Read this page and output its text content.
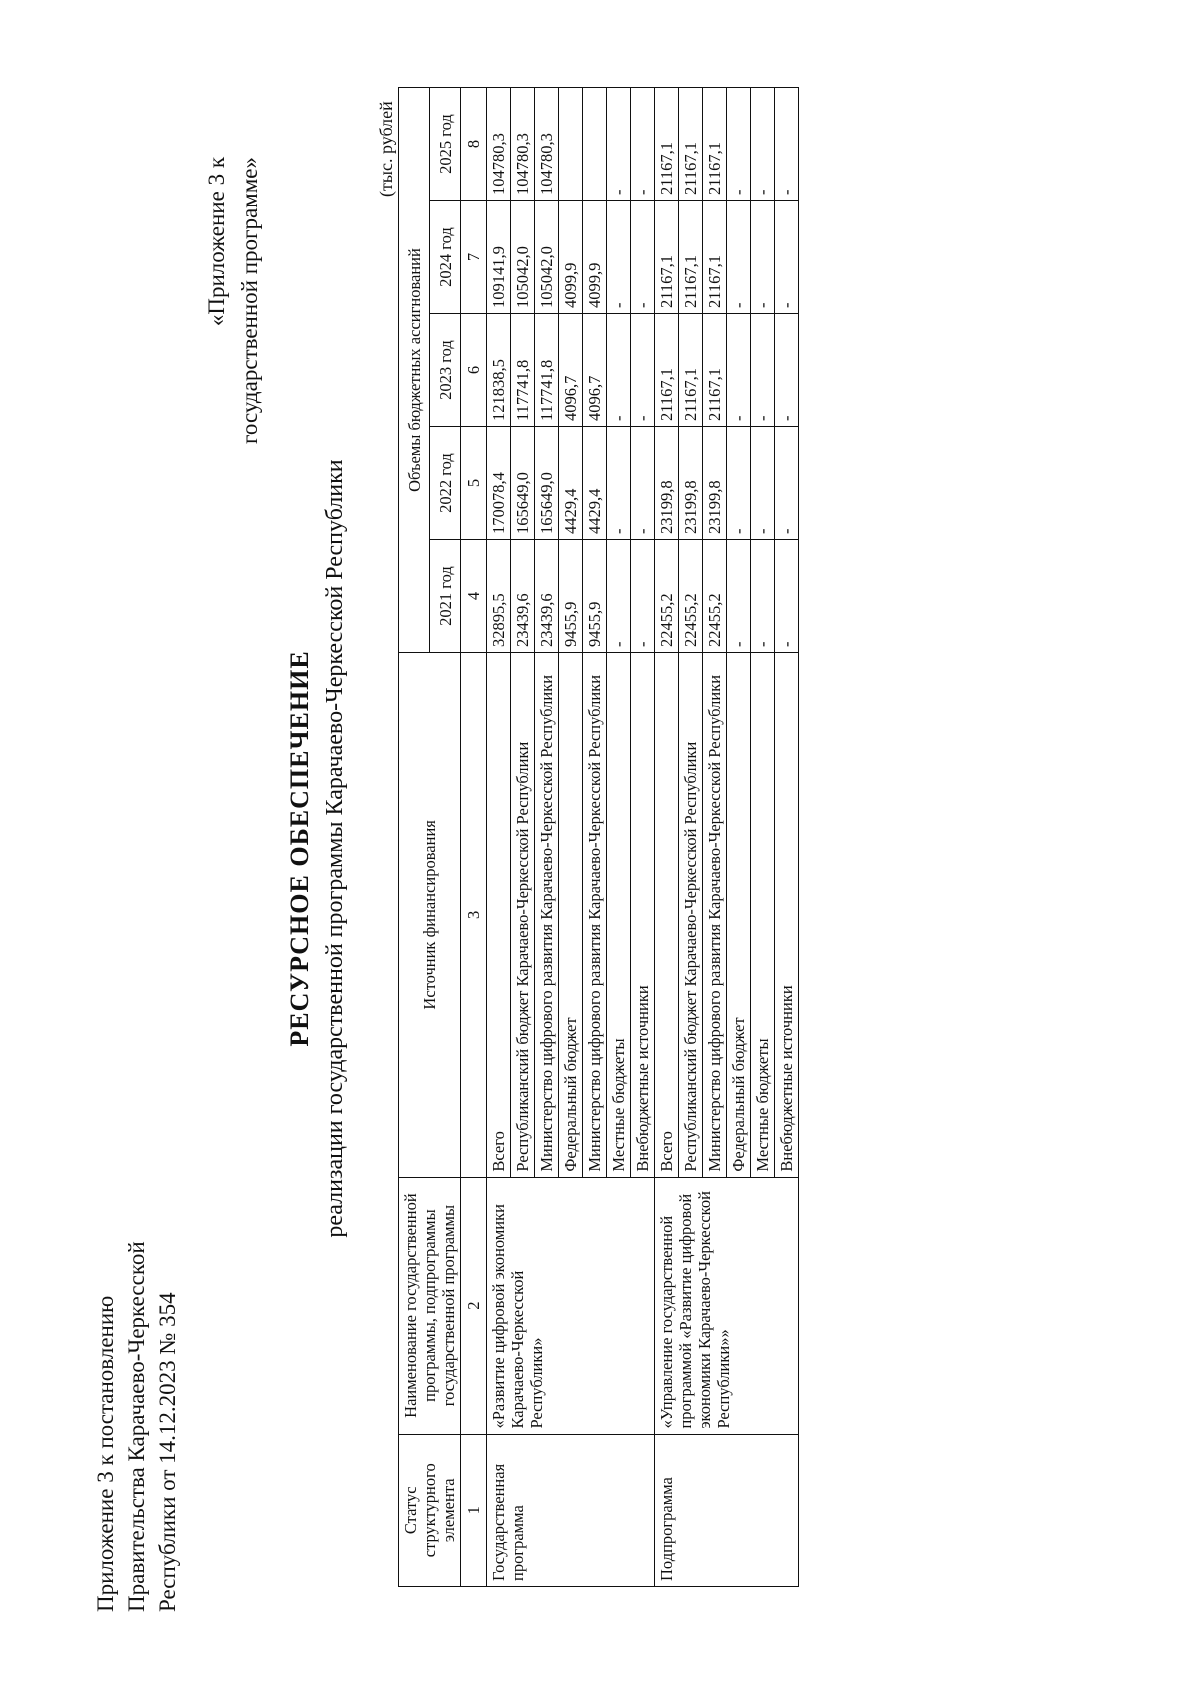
Приложение 3 к постановлению Правительства Карачаево-Черкесской Республики от 14.12.2023 № 354
«Приложение 3 к государственной программе»
РЕСУРСНОЕ ОБЕСПЕЧЕНИЕ реализации государственной программы Карачаево-Черкесской Республики
(тыс. рублей
Статус структурного элемента	Наименование государственной программы, подпрограммы государственной программы	Источник финансирования	Объемы бюджетных ассигнований				
			2021 год	2022 год	2023 год	2024 год	2025 год
1	2	3	4	5	6	7	8
Государственная программа	«Развитие цифровой экономики Карачаево-Черкесской Республики»	Всего	32895,5	170078,4	121838,5	109141,9	104780,3
		Республиканский бюджет Карачаево-Черкесской Республики	23439,6	165649,0	117741,8	105042,0	104780,3
		Министерство цифрового развития Карачаево-Черкесской Республики	23439,6	165649,0	117741,8	105042,0	104780,3
		Федеральный бюджет	9455,9	4429,4	4096,7	4099,9	
		Министерство цифрового развития Карачаево-Черкесской Республики	9455,9	4429,4	4096,7	4099,9	
		Местные бюджеты	-	-	-	-	-
		Внебюджетные источники	-	-	-	-	-
Подпрограмма	«Управление государственной программой «Развитие цифровой экономики Карачаево-Черкесской Республики»»	Всего	22455,2	23199,8	21167,1	21167,1	21167,1
		Республиканский бюджет Карачаево-Черкесской Республики	22455,2	23199,8	21167,1	21167,1	21167,1
		Министерство цифрового развития Карачаево-Черкесской Республики	22455,2	23199,8	21167,1	21167,1	21167,1
		Федеральный бюджет	-	-	-	-	-
		Местные бюджеты	-	-	-	-	-
		Внебюджетные источники	-	-	-	-	-
